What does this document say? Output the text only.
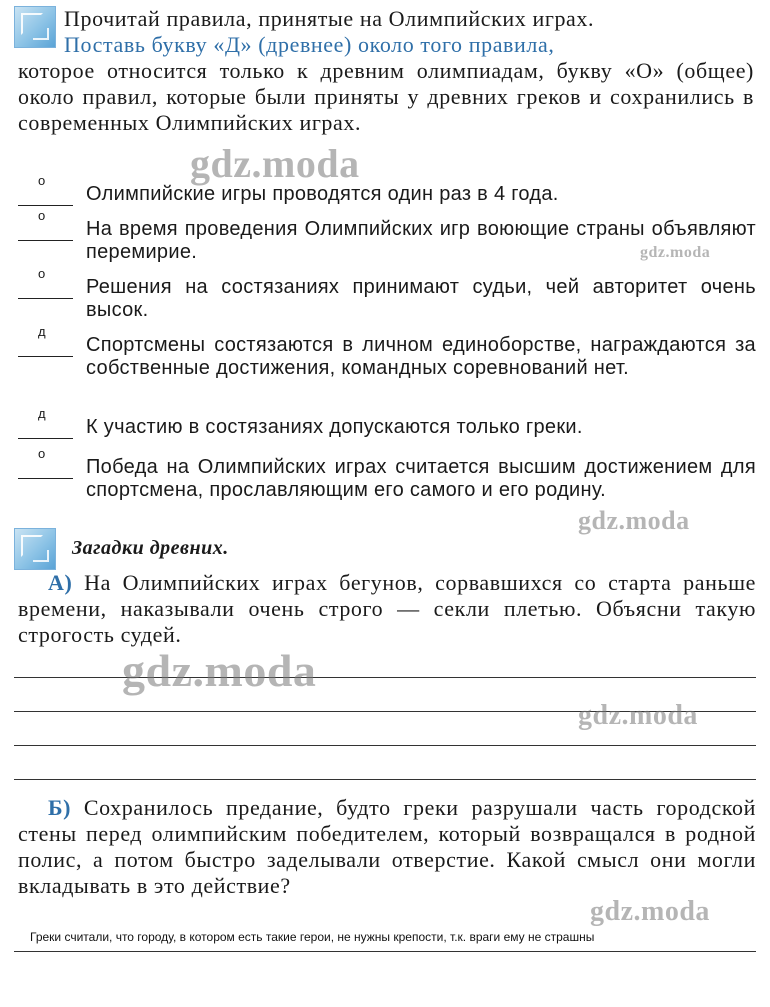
Прочитай правила, принятые на Олимпийских играх.

Поставь букву «Д» (древнее) около того правила,

которое относится только к древним олимпиадам, букву «О» (общее) около правил, которые были приняты у древних греков и сохранились в современных Олимпийских играх.

о
Олимпийские игры проводятся один раз в 4 года.
о
На время проведения Олимпийских игр воюющие страны объявляют перемирие.
о
Решения на состязаниях принимают судьи, чей авторитет очень высок.
д
Спортсмены состязаются в личном единоборстве, награждаются за собственные достижения, командных соревнований нет.
д
К участию в состязаниях допускаются только греки.
о
Победа на Олимпийских играх считается высшим достижением для спортсмена, прославляющим его самого и его родину.
Загадки древних.

А) На Олимпийских играх бегунов, сорвавшихся со старта раньше времени, наказывали очень строго — секли плетью. Объясни такую строгость судей.

Б) Сохранилось предание, будто греки разрушали часть городской стены перед олимпийским победителем, который возвращался в родной полис, а потом быстро заделывали отверстие. Какой смысл они могли вкладывать в это действие?

Греки считали, что городу, в котором есть такие герои, не нужны крепости, т.к. враги ему не страшны
gdz.moda
gdz.moda
gdz.moda
gdz.moda
gdz.moda
gdz.moda
